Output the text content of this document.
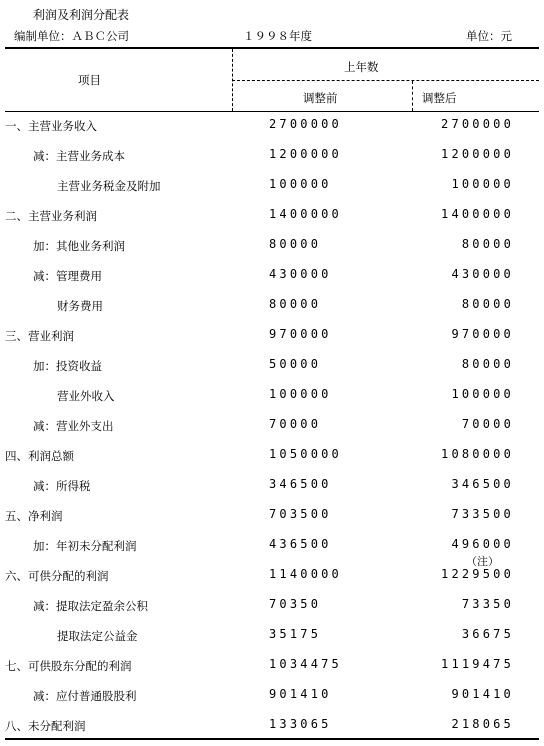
利润及利润分配表
编制单位：ＡＢＣ公司	１９９８年度	单位：元
项目
上年数
调整前	调整后
一、主营业务收入	2700000	2700000
减：主营业务成本	1200000	1200000
主营业务税金及附加	100000	100000
二、主营业务利润	1400000	1400000
加：其他业务利润	80000	80000
减：管理费用	430000	430000
财务费用	80000	80000
三、营业利润	970000	970000
加：投资收益	50000	80000
营业外收入	100000	100000
减：营业外支出	70000	70000
四、利润总额	1050000	1080000
减：所得税	346500	346500
五、净利润	703500	733500
加：年初未分配利润	436500	496000
六、可供分配的利润	1140000	1229500
减：提取法定盈余公积	70350	73350
提取法定公益金	35175	36675
七、可供股东分配的利润	1034475	1119475
减：应付普通股股利	901410	901410
八、未分配利润	133065	218065
（注）
